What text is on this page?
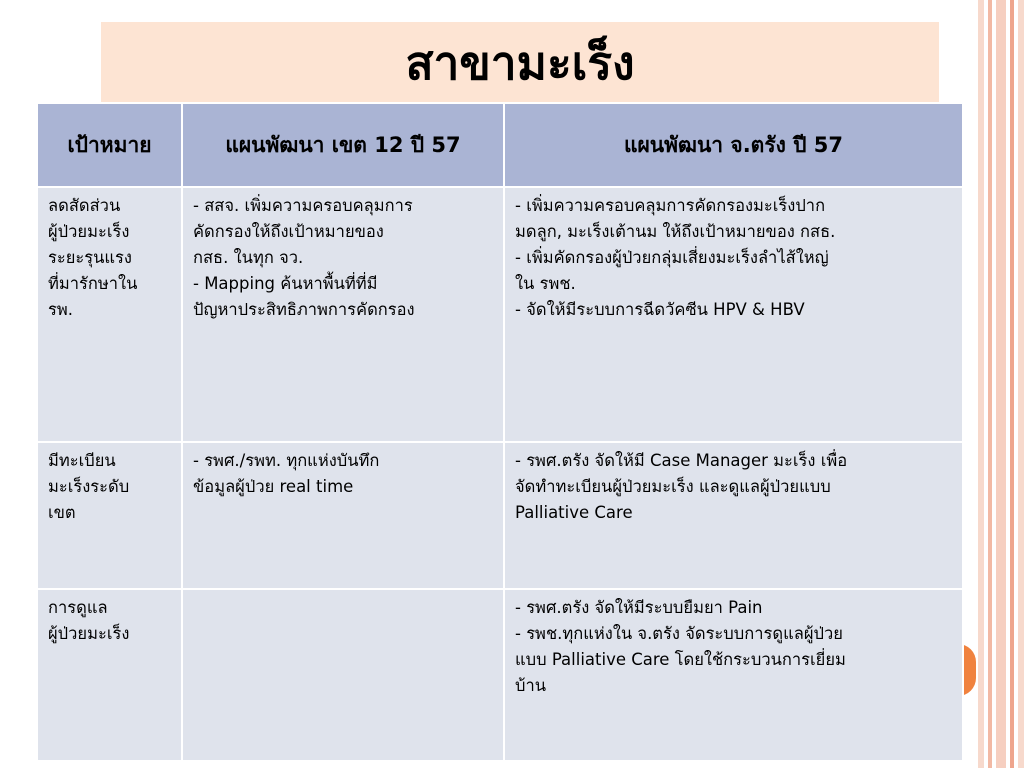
สาขามะเร็ง
เป้าหมาย	แผนพัฒนา เขต 12 ปี 57	แผนพัฒนา จ.ตรัง ปี 57

ลดสัดส่วน
ผู้ป่วยมะเร็ง
ระยะรุนแรง
ที่มารักษาใน
รพ.	- สสจ. เพิ่มความครอบคลุมการ
คัดกรองให้ถึงเป้าหมายของ
กสธ. ในทุก จว.
- Mapping ค้นหาพื้นที่ที่มี
ปัญหาประสิทธิภาพการคัดกรอง	- เพิ่มความครอบคลุมการคัดกรองมะเร็งปาก
มดลูก, มะเร็งเต้านม ให้ถึงเป้าหมายของ กสธ.
- เพิ่มคัดกรองผู้ป่วยกลุ่มเสี่ยงมะเร็งลำไส้ใหญ่
ใน รพช.
- จัดให้มีระบบการฉีดวัคซีน HPV & HBV

มีทะเบียน
มะเร็งระดับ
เขต	- รพศ./รพท. ทุกแห่งบันทึก
ข้อมูลผู้ป่วย real time	- รพศ.ตรัง จัดให้มี Case Manager มะเร็ง เพื่อ
จัดทำทะเบียนผู้ป่วยมะเร็ง และดูแลผู้ป่วยแบบ
Palliative Care

การดูแล
ผู้ป่วยมะเร็ง		- รพศ.ตรัง จัดให้มีระบบยืมยา Pain
- รพช.ทุกแห่งใน จ.ตรัง จัดระบบการดูแลผู้ป่วย
แบบ Palliative Care โดยใช้กระบวนการเยี่ยม
บ้าน
